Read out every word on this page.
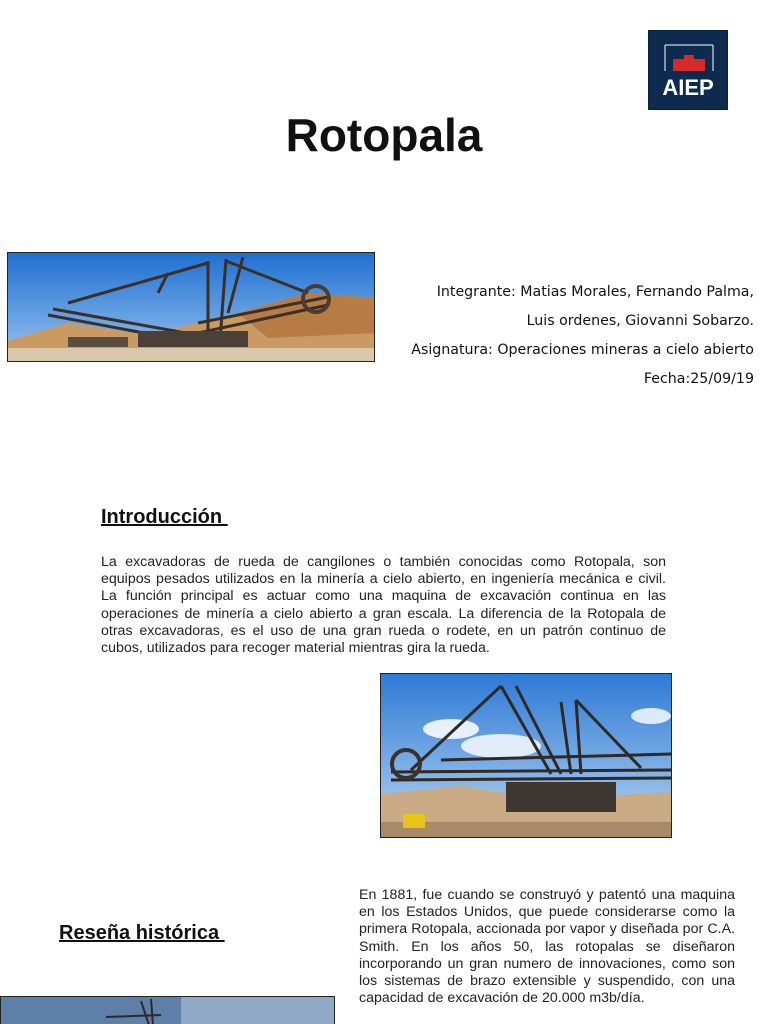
AIEP
Rotopala
Integrante: Matias Morales, Fernando Palma,
Luis ordenes, Giovanni Sobarzo.
Asignatura: Operaciones mineras a cielo abierto
Fecha:25/09/19
Introducción
La excavadoras de rueda de cangilones o también conocidas como Rotopala, son equipos pesados utilizados en la minería a cielo abierto, en ingeniería mecánica e civil. La función principal es actuar como una maquina de excavación continua en las operaciones de minería a cielo abierto a gran escala. La diferencia de la Rotopala de otras excavadoras, es el uso de una gran rueda o rodete, en un patrón continuo de cubos, utilizados para recoger material mientras gira la rueda.
Reseña histórica
En 1881, fue cuando se construyó y patentó una maquina en los Estados Unidos, que puede considerarse como la primera Rotopala, accionada por vapor y diseñada por C.A. Smith. En los años 50, las rotopalas se diseñaron incorporando un gran numero de innovaciones, como son los sistemas de brazo extensible y suspendido, con una capacidad de excavación de 20.000 m3b/día.
